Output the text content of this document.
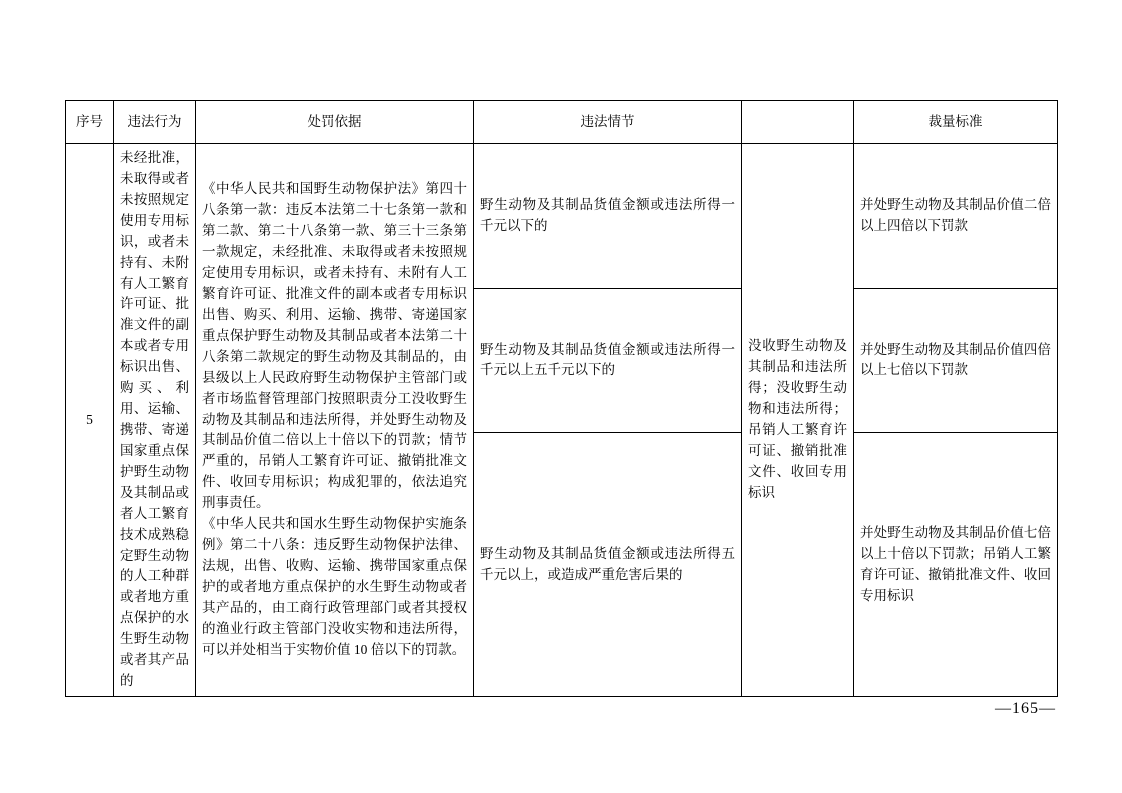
序号	违法行为	处罚依据	违法情节		裁量标准
5	未经批准，未取得或者未按照规定使用专用标识，或者未持有、未附有人工繁育许可证、批准文件的副本或者专用标识出售、购买、利用、运输、携带、寄递国家重点保护野生动物及其制品或者人工繁育技术成熟稳定野生动物的人工种群或者地方重点保护的水生野生动物或者其产品的	《中华人民共和国野生动物保护法》第四十八条第一款：违反本法第二十七条第一款和第二款、第二十八条第一款、第三十三条第一款规定，未经批准、未取得或者未按照规定使用专用标识，或者未持有、未附有人工繁育许可证、批准文件的副本或者专用标识出售、购买、利用、运输、携带、寄递国家重点保护野生动物及其制品或者本法第二十八条第二款规定的野生动物及其制品的，由县级以上人民政府野生动物保护主管部门或者市场监督管理部门按照职责分工没收野生动物及其制品和违法所得，并处野生动物及其制品价值二倍以上十倍以下的罚款；情节严重的，吊销人工繁育许可证、撤销批准文件、收回专用标识；构成犯罪的，依法追究刑事责任。

《中华人民共和国水生野生动物保护实施条例》第二十八条：违反野生动物保护法律、法规，出售、收购、运输、携带国家重点保护的或者地方重点保护的水生野生动物或者其产品的，由工商行政管理部门或者其授权的渔业行政主管部门没收实物和违法所得，可以并处相当于实物价值 10 倍以下的罚款。	野生动物及其制品货值金额或违法所得一千元以下的	没收野生动物及其制品和违法所得；没收野生动物和违法所得；吊销人工繁育许可证、撤销批准文件、收回专用标识	并处野生动物及其制品价值二倍以上四倍以下罚款
			野生动物及其制品货值金额或违法所得一千元以上五千元以下的		并处野生动物及其制品价值四倍以上七倍以下罚款
			野生动物及其制品货值金额或违法所得五千元以上，或造成严重危害后果的		并处野生动物及其制品价值七倍以上十倍以下罚款；吊销人工繁育许可证、撤销批准文件、收回专用标识
—165—
